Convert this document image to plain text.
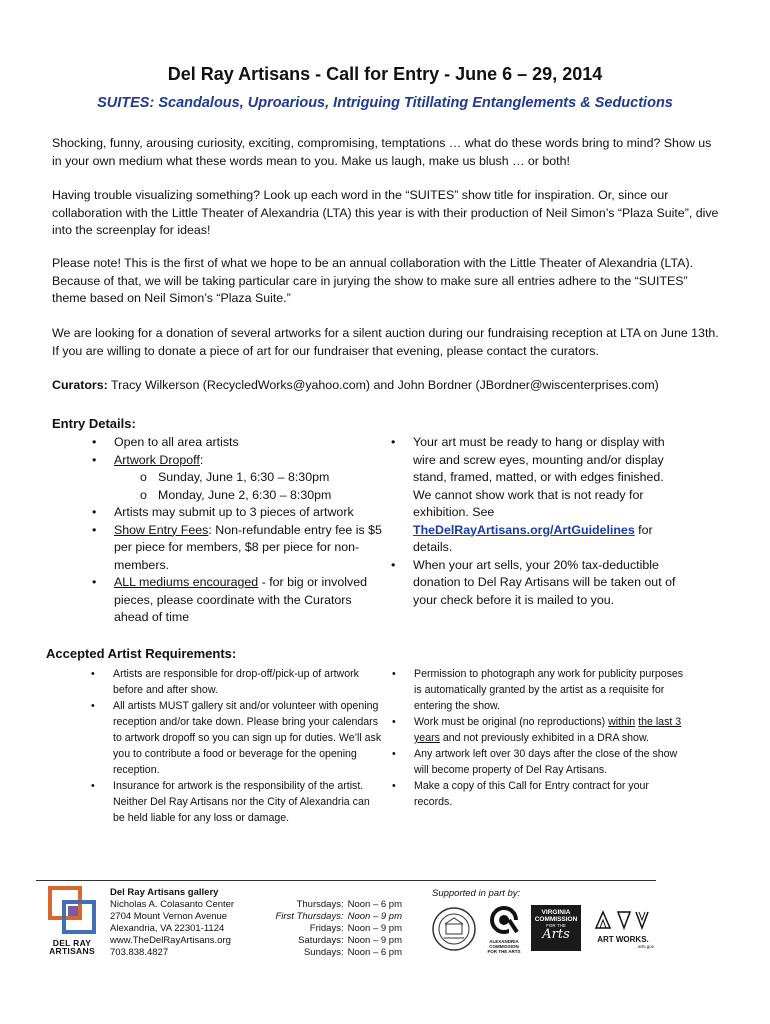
Del Ray Artisans - Call for Entry - June 6 – 29, 2014
SUITES: Scandalous, Uproarious, Intriguing Titillating Entanglements & Seductions

Shocking, funny, arousing curiosity, exciting, compromising, temptations … what do these words bring to mind? Show us in your own medium what these words mean to you. Make us laugh, make us blush … or both!

Having trouble visualizing something? Look up each word in the “SUITES” show title for inspiration. Or, since our collaboration with the Little Theater of Alexandria (LTA) this year is with their production of Neil Simon’s “Plaza Suite”, dive into the screenplay for ideas!

Please note! This is the first of what we hope to be an annual collaboration with the Little Theater of Alexandria (LTA). Because of that, we will be taking particular care in jurying the show to make sure all entries adhere to the “SUITES” theme based on Neil Simon’s “Plaza Suite.”

We are looking for a donation of several artworks for a silent auction during our fundraising reception at LTA on June 13th. If you are willing to donate a piece of art for our fundraiser that evening, please contact the curators.

Curators: Tracy Wilkerson (RecycledWorks@yahoo.com) and John Bordner (JBordner@wiscenterprises.com)

Entry Details:
• Open to all area artists
• Artwork Dropoff:
o Sunday, June 1, 6:30 – 8:30pm
o Monday, June 2, 6:30 – 8:30pm
• Artists may submit up to 3 pieces of artwork
• Show Entry Fees: Non-refundable entry fee is $5 per piece for members, $8 per piece for non-members.
• ALL mediums encouraged - for big or involved pieces, please coordinate with the Curators ahead of time
• Your art must be ready to hang or display with wire and screw eyes, mounting and/or display stand, framed, matted, or with edges finished. We cannot show work that is not ready for exhibition. See TheDelRayArtisans.org/ArtGuidelines for details.
• When your art sells, your 20% tax-deductible donation to Del Ray Artisans will be taken out of your check before it is mailed to you.
Accepted Artist Requirements:
• Artists are responsible for drop-off/pick-up of artwork before and after show.
• All artists MUST gallery sit and/or volunteer with opening reception and/or take down. Please bring your calendars to artwork dropoff so you can sign up for duties. We’ll ask you to contribute a food or beverage for the opening reception.
• Insurance for artwork is the responsibility of the artist. Neither Del Ray Artisans nor the City of Alexandria can be held liable for any loss or damage.
• Permission to photograph any work for publicity purposes is automatically granted by the artist as a requisite for entering the show.
• Work must be original (no reproductions) within the last 3 years and not previously exhibited in a DRA show.
• Any artwork left over 30 days after the close of the show will become property of Del Ray Artisans.
• Make a copy of this Call for Entry contract for your records.
DEL RAY
ARTISANS
Del Ray Artisans gallery
Nicholas A. Colasanto Center
2704 Mount Vernon Avenue
Alexandria, VA 22301-1124
www.TheDelRayArtisans.org
703.838.4827
Thursdays: Noon – 6 pm
First Thursdays: Noon – 9 pm
Fridays: Noon – 9 pm
Saturdays: Noon – 9 pm
Sundays: Noon – 6 pm
Supported in part by:
ALEXANDRIA
COMMISSION
FOR THE ARTS
VIRGINIA
COMMISSION
FOR THE
Arts	ART WORKS.
arts.gov
